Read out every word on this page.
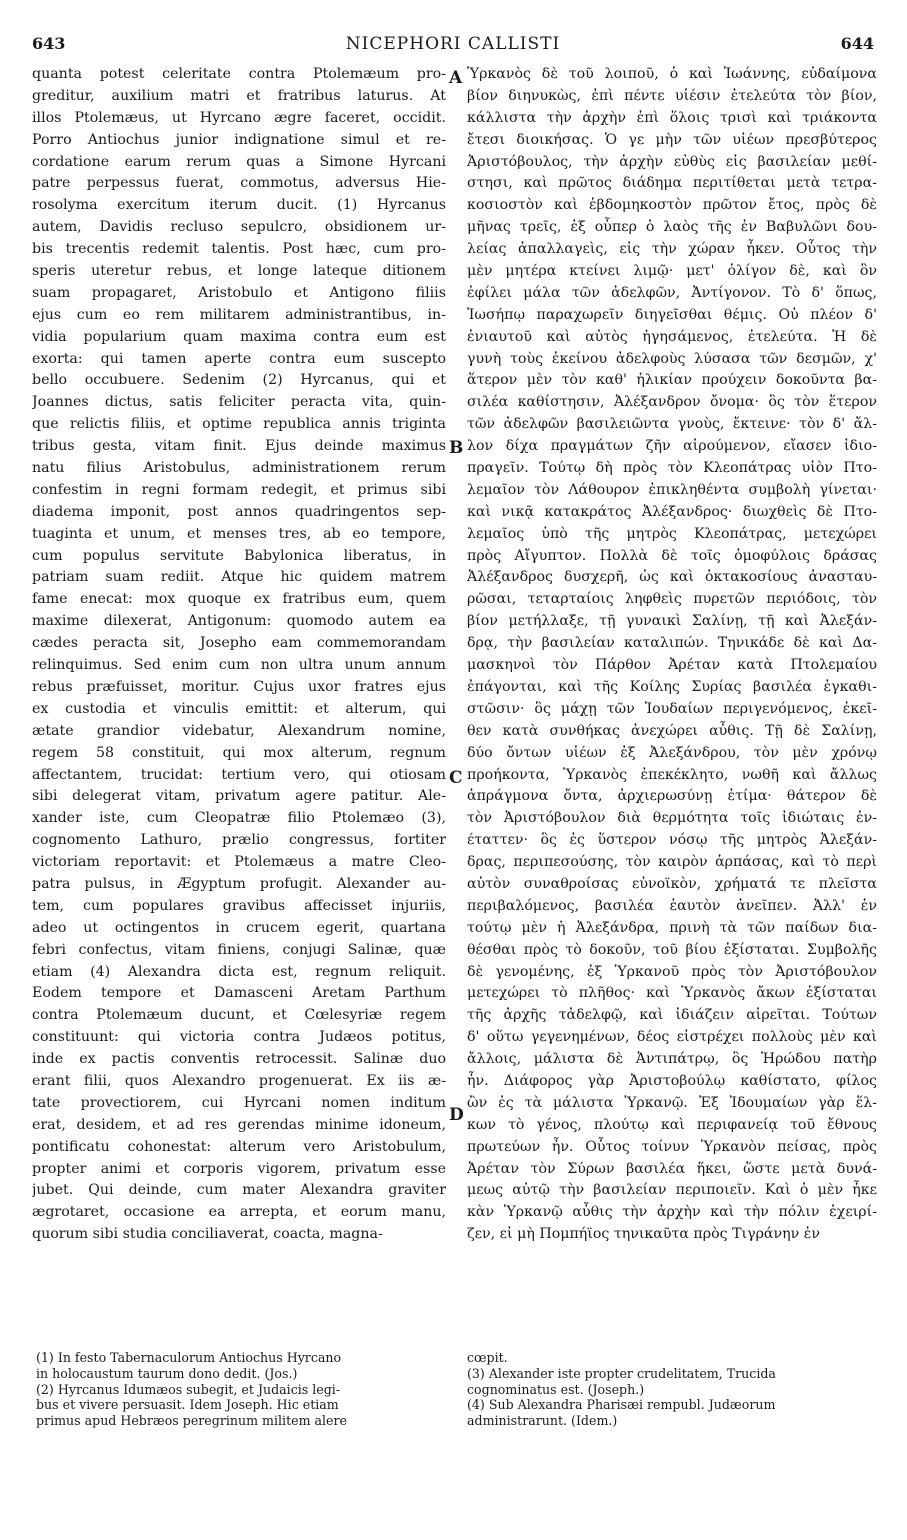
643	NICEPHORI CALLISTI	644
quanta potest celeritate contra Ptolemæum pro-
greditur, auxilium matri et fratribus laturus. At
illos Ptolemæus, ut Hyrcano ægre faceret, occidit.
Porro Antiochus junior indignatione simul et re-
cordatione earum rerum quas a Simone Hyrcani
patre perpessus fuerat, commotus, adversus Hie-
rosolyma exercitum iterum ducit. (1) Hyrcanus
autem, Davidis recluso sepulcro, obsidionem ur-
bis trecentis redemit talentis. Post hæc, cum pro-
speris uteretur rebus, et longe lateque ditionem
suam propagaret, Aristobulo et Antigono filiis
ejus cum eo rem militarem administrantibus, in-
vidia popularium quam maxima contra eum est
exorta: qui tamen aperte contra eum suscepto
bello occubuere. Sedenim (2) Hyrcanus, qui et
Joannes dictus, satis feliciter peracta vita, quin-
que relictis filiis, et optime republica annis triginta
tribus gesta, vitam finit. Ejus deinde maximus
natu filius Aristobulus, administrationem rerum
confestim in regni formam redegit, et primus sibi
diadema imponit, post annos quadringentos sep-
tuaginta et unum, et menses tres, ab eo tempore,
cum populus servitute Babylonica liberatus, in
patriam suam rediit. Atque hic quidem matrem
fame enecat: mox quoque ex fratribus eum, quem
maxime dilexerat, Antigonum: quomodo autem ea
cædes peracta sit, Josepho eam commemorandam
relinquimus. Sed enim cum non ultra unum annum
rebus præfuisset, moritur. Cujus uxor fratres ejus
ex custodia et vinculis emittit: et alterum, qui
ætate grandior videbatur, Alexandrum nomine,
regem 58 constituit, qui mox alterum, regnum
affectantem, trucidat: tertium vero, qui otiosam
sibi delegerat vitam, privatum agere patitur. Ale-
xander iste, cum Cleopatræ filio Ptolemæo (3),
cognomento Lathuro, prælio congressus, fortiter
victoriam reportavit: et Ptolemæus a matre Cleo-
patra pulsus, in Ægyptum profugit. Alexander au-
tem, cum populares gravibus affecisset injuriis,
adeo ut octingentos in crucem egerit, quartana
febri confectus, vitam finiens, conjugi Salinæ, quæ
etiam (4) Alexandra dicta est, regnum reliquit.
Eodem tempore et Damasceni Aretam Parthum
contra Ptolemæum ducunt, et Cœlesyriæ regem
constituunt: qui victoria contra Judæos potitus,
inde ex pactis conventis retrocessit. Salinæ duo
erant filii, quos Alexandro progenuerat. Ex iis æ-
tate provectiorem, cui Hyrcani nomen inditum
erat, desidem, et ad res gerendas minime idoneum,
pontificatu cohonestat: alterum vero Aristobulum,
propter animi et corporis vigorem, privatum esse
jubet. Qui deinde, cum mater Alexandra graviter
ægrotaret, occasione ea arrepta, et eorum manu,
quorum sibi studia conciliaverat, coacta, magna-
Ὑρκανὸς δὲ τοῦ λοιποῦ, ὁ καὶ Ἰωάννης, εὐδαίμονα
βίον διηνυκὼς, ἐπὶ πέντε υἱέσιν ἐτελεύτα τὸν βίον,
κάλλιστα τὴν ἀρχὴν ἐπὶ ὅλοις τρισὶ καὶ τριάκοντα
ἔτεσι διοικήσας. Ὁ γε μὴν τῶν υἱέων πρεσβύτερος
Ἀριστόβουλος, τὴν ἀρχὴν εὐθὺς εἰς βασιλείαν μεθί-
στησι, καὶ πρῶτος διάδημα περιτίθεται μετὰ τετρα-
κοσιοστὸν καὶ ἑβδομηκοστὸν πρῶτον ἔτος, πρὸς δὲ
μῆνας τρεῖς, ἐξ οὗπερ ὁ λαὸς τῆς ἐν Βαβυλῶνι δου-
λείας ἀπαλλαγεὶς, εἰς τὴν χώραν ἧκεν. Οὗτος τὴν
μὲν μητέρα κτείνει λιμῷ· μετ' ὀλίγον δὲ, καὶ ὃν
ἐφίλει μάλα τῶν ἀδελφῶν, Ἀντίγονον. Τὸ δ' ὅπως,
Ἰωσήπῳ παραχωρεῖν διηγεῖσθαι θέμις. Οὐ πλέον δ'
ἐνιαυτοῦ καὶ αὐτὸς ἡγησάμενος, ἐτελεύτα. Ἡ δὲ
γυνὴ τοὺς ἐκείνου ἀδελφοὺς λύσασα τῶν δεσμῶν, χ'
ἅτερον μὲν τὸν καθ' ἡλικίαν προύχειν δοκοῦντα βα-
σιλέα καθίστησιν, Ἀλέξανδρον ὄνομα· ὃς τὸν ἕτερον
τῶν ἀδελφῶν βασιλειῶντα γνοὺς, ἔκτεινε· τὸν δ' ἄλ-
λον δίχα πραγμάτων ζῆν αἱρούμενον, εἴασεν ἰδιο-
πραγεῖν. Τούτῳ δὴ πρὸς τὸν Κλεοπάτρας υἱὸν Πτο-
λεμαῖον τὸν Λάθουρον ἐπικληθέντα συμβολὴ γίνεται·
καὶ νικᾷ κατακράτος Ἀλέξανδρος· διωχθεὶς δὲ Πτο-
λεμαῖος ὑπὸ τῆς μητρὸς Κλεοπάτρας, μετεχώρει
πρὸς Αἴγυπτον. Πολλὰ δὲ τοῖς ὁμοφύλοις δράσας
Ἀλέξανδρος δυσχερῆ, ὡς καὶ ὀκτακοσίους ἀνασταυ-
ρῶσαι, τεταρταίοις ληφθεὶς πυρετῶν περιόδοις, τὸν
βίον μετήλλαξε, τῇ γυναικὶ Σαλίνῃ, τῇ καὶ Ἀλεξάν-
δρᾳ, τὴν βασιλείαν καταλιπών. Τηνικάδε δὲ καὶ Δα-
μασκηνοὶ τὸν Πάρθον Ἀρέταν κατὰ Πτολεμαίου
ἐπάγονται, καὶ τῆς Κοίλης Συρίας βασιλέα ἐγκαθι-
στῶσιν· ὃς μάχῃ τῶν Ἰουδαίων περιγενόμενος, ἐκεῖ-
θεν κατὰ συνθήκας ἀνεχώρει αὖθις. Τῇ δὲ Σαλίνῃ,
δύο ὄντων υἱέων ἐξ Ἀλεξάνδρου, τὸν μὲν χρόνῳ
προήκοντα, Ὑρκανὸς ἐπεκέκλητο, νωθῆ καὶ ἄλλως
ἀπράγμονα ὄντα, ἀρχιερωσύνῃ ἐτίμα· θάτερον δὲ
τὸν Ἀριστόβουλον διὰ θερμότητα τοῖς ἰδιώταις ἐν-
έταττεν· ὃς ἐς ὕστερον νόσῳ τῆς μητρὸς Ἀλεξάν-
δρας, περιπεσούσης, τὸν καιρὸν ἁρπάσας, καὶ τὸ περὶ
αὐτὸν συναθροίσας εὐνοϊκὸν, χρήματά τε πλεῖστα
περιβαλόμενος, βασιλέα ἑαυτὸν ἀνεῖπεν. Ἀλλ' ἐν
τούτῳ μὲν ἡ Ἀλεξάνδρα, πρινὴ τὰ τῶν παίδων δια-
θέσθαι πρὸς τὸ δοκοῦν, τοῦ βίου ἐξίσταται. Συμβολῆς
δὲ γενομένης, ἐξ Ὑρκανοῦ πρὸς τὸν Ἀριστόβουλον
μετεχώρει τὸ πλῆθος· καὶ Ὑρκανὸς ἄκων ἐξίσταται
τῆς ἀρχῆς τἀδελφῷ, καὶ ἰδιάζειν αἱρεῖται. Τούτων
δ' οὕτω γεγενημένων, δέος εἰστρέχει πολλοὺς μὲν καὶ
ἄλλοις, μάλιστα δὲ Ἀντιπάτρῳ, ὃς Ἡρώδου πατὴρ
ἦν. Διάφορος γὰρ Ἀριστοβούλῳ καθίστατο, φίλος
ὢν ἐς τὰ μάλιστα Ὑρκανῷ. Ἐξ Ἰδουμαίων γὰρ ἕλ-
κων τὸ γένος, πλούτῳ καὶ περιφανείᾳ τοῦ ἔθνους
πρωτεύων ἦν. Οὗτος τοίνυν Ὑρκανὸν πείσας, πρὸς
Ἀρέταν τὸν Σύρων βασιλέα ἥκει, ὥστε μετὰ δυνά-
μεως αὐτῷ τὴν βασιλείαν περιποιεῖν. Καὶ ὁ μὲν ἧκε
κὰν Ὑρκανῷ αὖθις τὴν ἀρχὴν καὶ τὴν πόλιν ἐχειρί-
ζεν, εἰ μὴ Πομπήϊος τηνικαῦτα πρὸς Τιγράνην ἐν
A
B
C
D
(1) In festo Tabernaculorum Antiochus Hyrcano
in holocaustum taurum dono dedit. (Jos.)
(2) Hyrcanus Idumæos subegit, et Judaicis legi-
bus et vivere persuasit. Idem Joseph. Hic etiam
primus apud Hebræos peregrinum militem alere
cœpit.
(3) Alexander iste propter crudelitatem, Trucida
cognominatus est. (Joseph.)
(4) Sub Alexandra Pharisæi rempubl. Judæorum
administrarunt. (Idem.)
